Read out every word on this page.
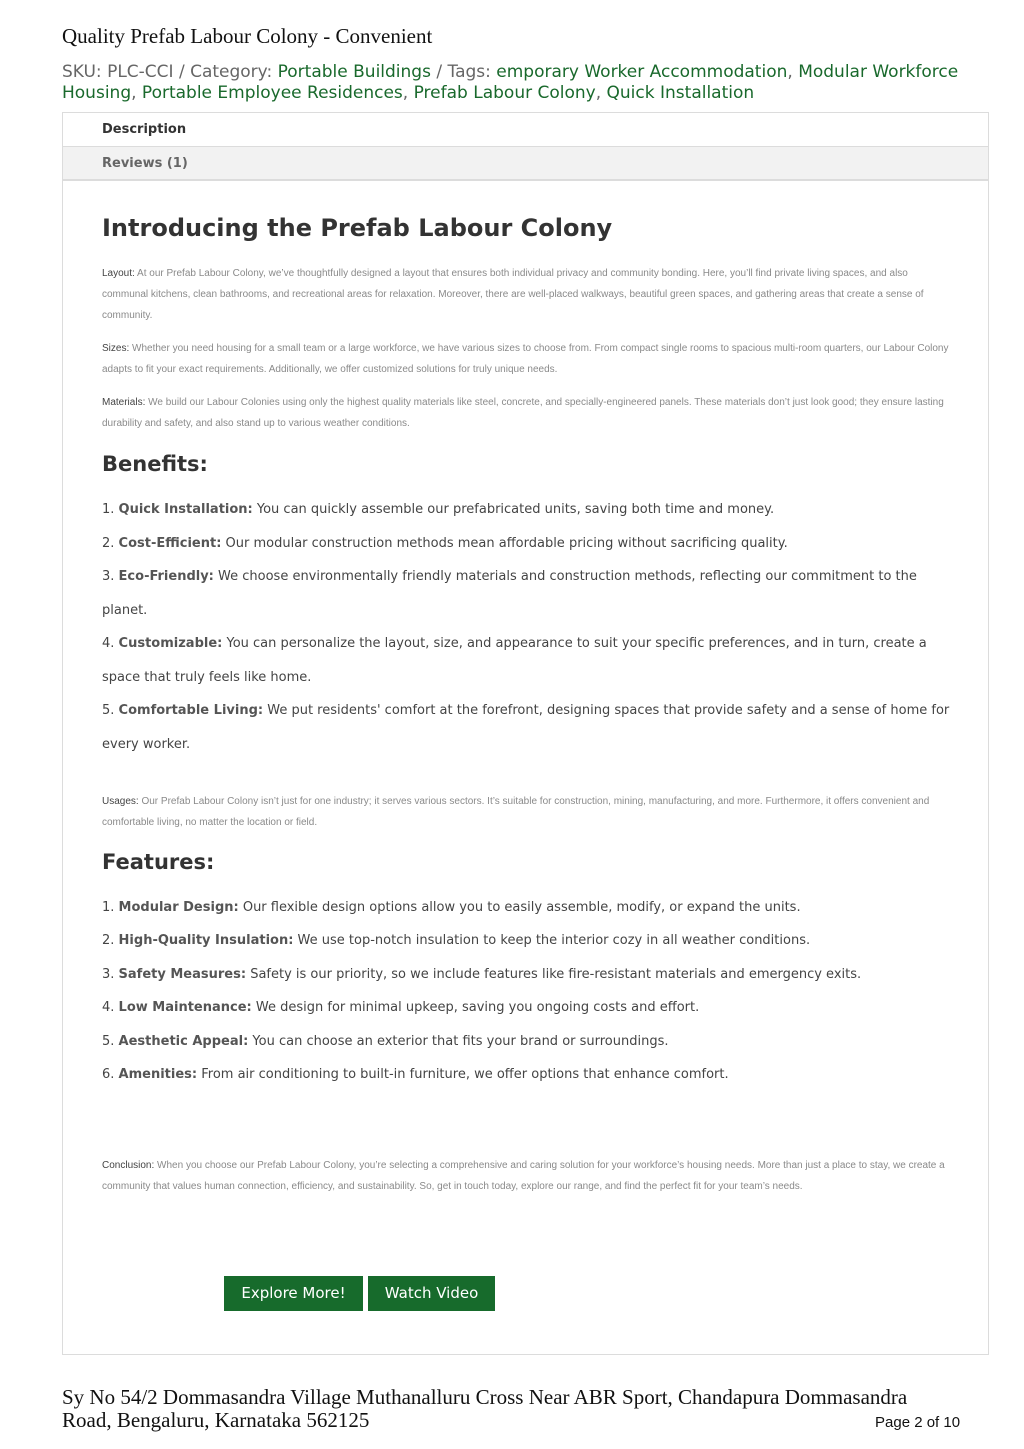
Quality Prefab Labour Colony - Convenient
SKU: PLC-CCI / Category: Portable Buildings / Tags: emporary Worker Accommodation, Modular Workforce Housing, Portable Employee Residences, Prefab Labour Colony, Quick Installation
Description
Reviews (1)
Introducing the Prefab Labour Colony

Layout: At our Prefab Labour Colony, we’ve thoughtfully designed a layout that ensures both individual privacy and community bonding. Here, you’ll find private living spaces, and also communal kitchens, clean bathrooms, and recreational areas for relaxation. Moreover, there are well-placed walkways, beautiful green spaces, and gathering areas that create a sense of community.

Sizes: Whether you need housing for a small team or a large workforce, we have various sizes to choose from. From compact single rooms to spacious multi-room quarters, our Labour Colony adapts to fit your exact requirements. Additionally, we offer customized solutions for truly unique needs.

Materials: We build our Labour Colonies using only the highest quality materials like steel, concrete, and specially-engineered panels. These materials don’t just look good; they ensure lasting durability and safety, and also stand up to various weather conditions.

Benefits:

1. Quick Installation: You can quickly assemble our prefabricated units, saving both time and money.

2. Cost-Efficient: Our modular construction methods mean affordable pricing without sacrificing quality.

3. Eco-Friendly: We choose environmentally friendly materials and construction methods, reflecting our commitment to the planet.

4. Customizable: You can personalize the layout, size, and appearance to suit your specific preferences, and in turn, create a space that truly feels like home.

5. Comfortable Living: We put residents' comfort at the forefront, designing spaces that provide safety and a sense of home for every worker.

Usages: Our Prefab Labour Colony isn’t just for one industry; it serves various sectors. It’s suitable for construction, mining, manufacturing, and more. Furthermore, it offers convenient and comfortable living, no matter the location or field.

Features:

1. Modular Design: Our flexible design options allow you to easily assemble, modify, or expand the units.

2. High-Quality Insulation: We use top-notch insulation to keep the interior cozy in all weather conditions.

3. Safety Measures: Safety is our priority, so we include features like fire-resistant materials and emergency exits.

4. Low Maintenance: We design for minimal upkeep, saving you ongoing costs and effort.

5. Aesthetic Appeal: You can choose an exterior that fits your brand or surroundings.

6. Amenities: From air conditioning to built-in furniture, we offer options that enhance comfort.

Conclusion: When you choose our Prefab Labour Colony, you’re selecting a comprehensive and caring solution for your workforce’s housing needs. More than just a place to stay, we create a community that values human connection, efficiency, and sustainability. So, get in touch today, explore our range, and find the perfect fit for your team’s needs.

Explore More!	Watch Video
Sy No 54/2 Dommasandra Village Muthanalluru Cross Near ABR Sport, Chandapura Dommasandra Road, Bengaluru, Karnataka 562125	Page 2 of 10
